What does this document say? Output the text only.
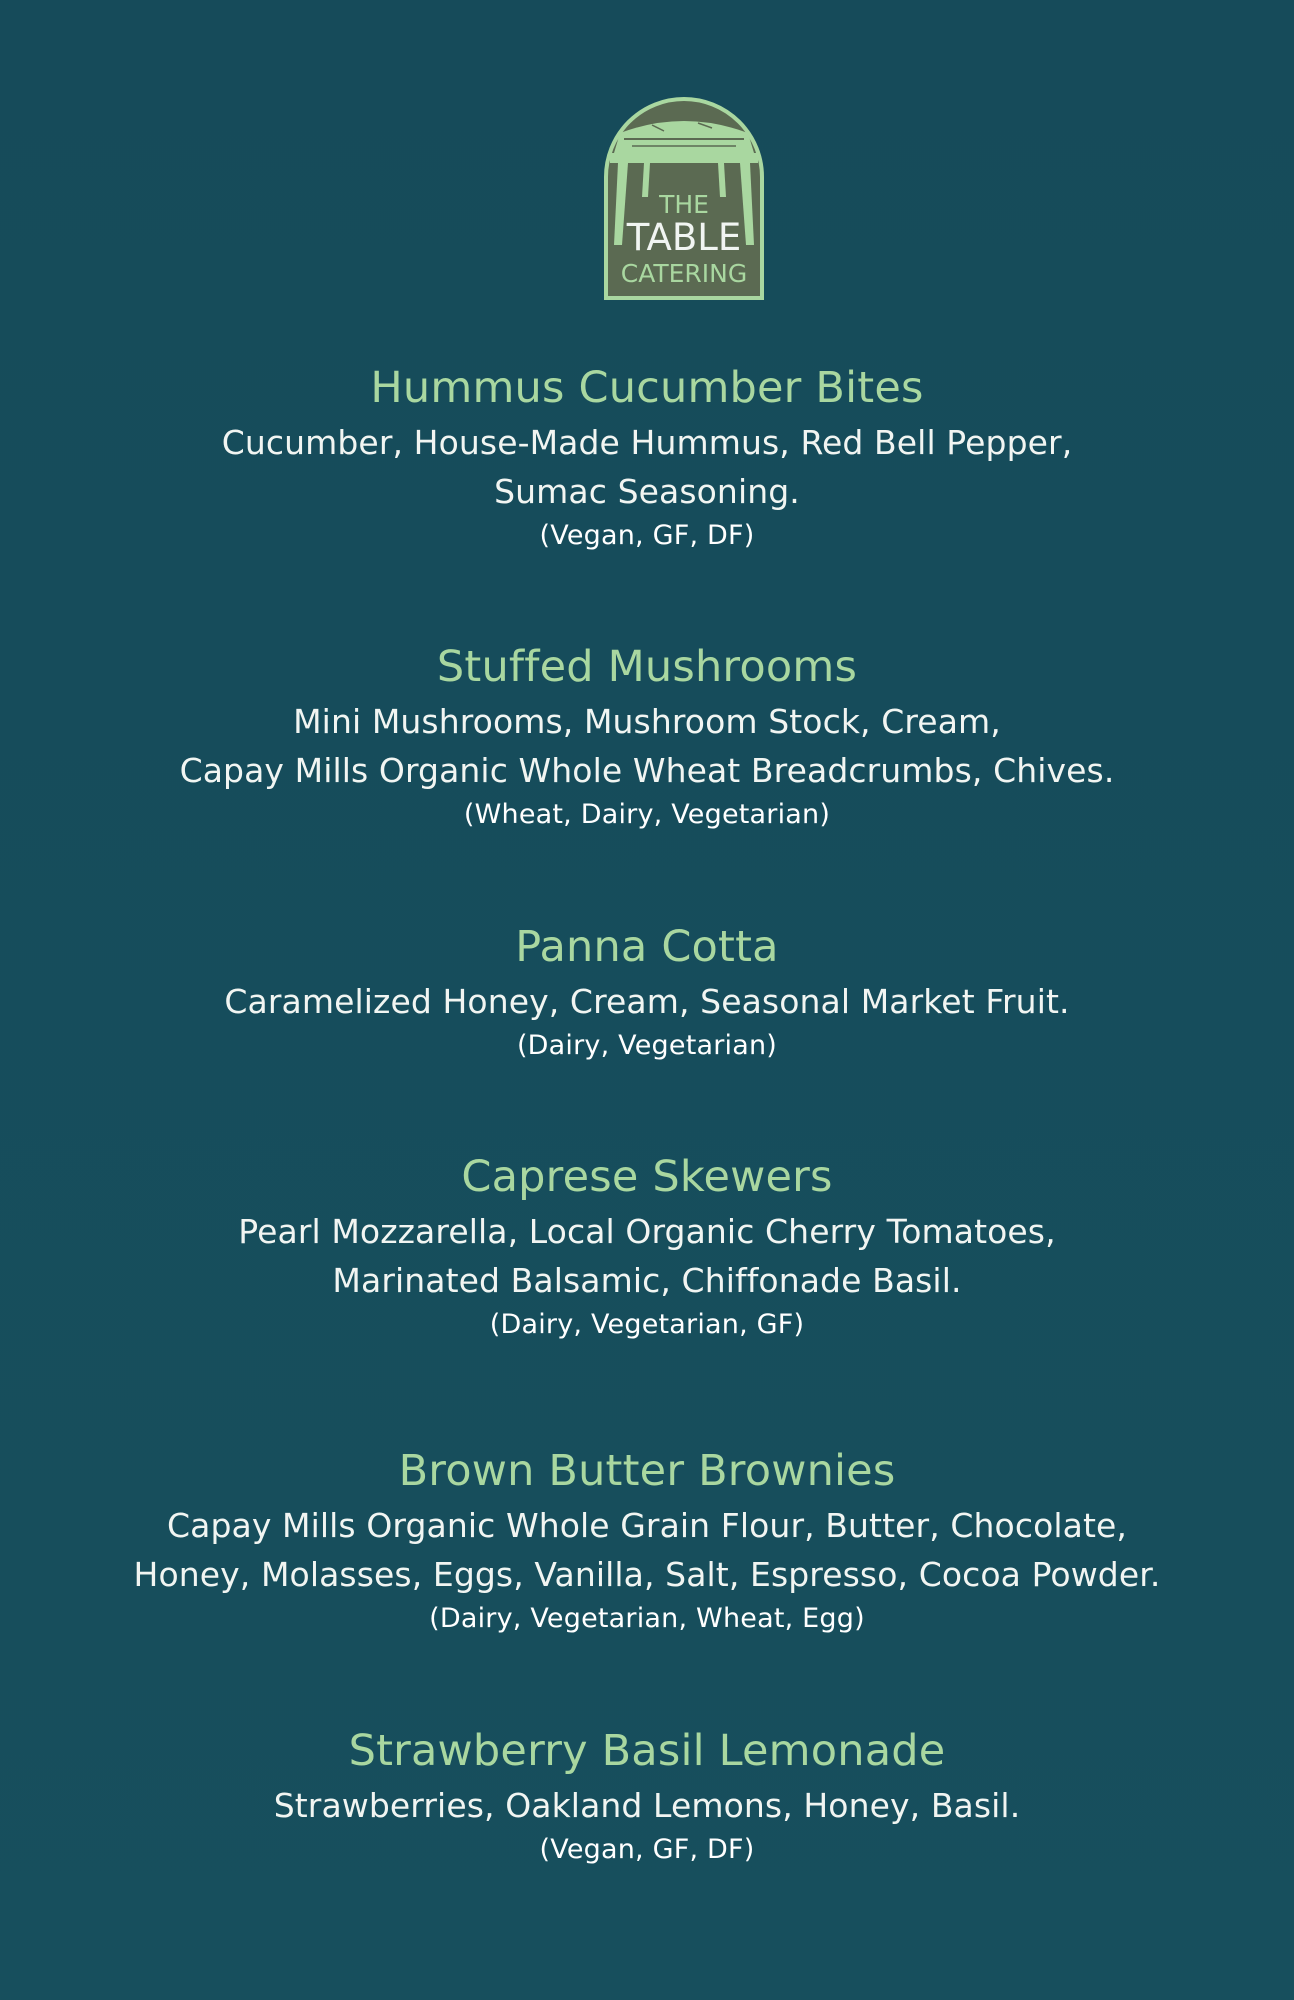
THE
TABLE
CATERING
Hummus Cucumber Bites

Cucumber, House-Made Hummus, Red Bell Pepper,

Sumac Seasoning.

(Vegan, GF, DF)

Stuffed Mushrooms

Mini Mushrooms, Mushroom Stock, Cream,

Capay Mills Organic Whole Wheat Breadcrumbs, Chives.

(Wheat, Dairy, Vegetarian)

Panna Cotta

Caramelized Honey, Cream, Seasonal Market Fruit.

(Dairy, Vegetarian)

Caprese Skewers

Pearl Mozzarella, Local Organic Cherry Tomatoes,

Marinated Balsamic, Chiffonade Basil.

(Dairy, Vegetarian, GF)

Brown Butter Brownies

Capay Mills Organic Whole Grain Flour, Butter, Chocolate,

Honey, Molasses, Eggs, Vanilla, Salt, Espresso, Cocoa Powder.

(Dairy, Vegetarian, Wheat, Egg)

Strawberry Basil Lemonade

Strawberries, Oakland Lemons, Honey, Basil.

(Vegan, GF, DF)
